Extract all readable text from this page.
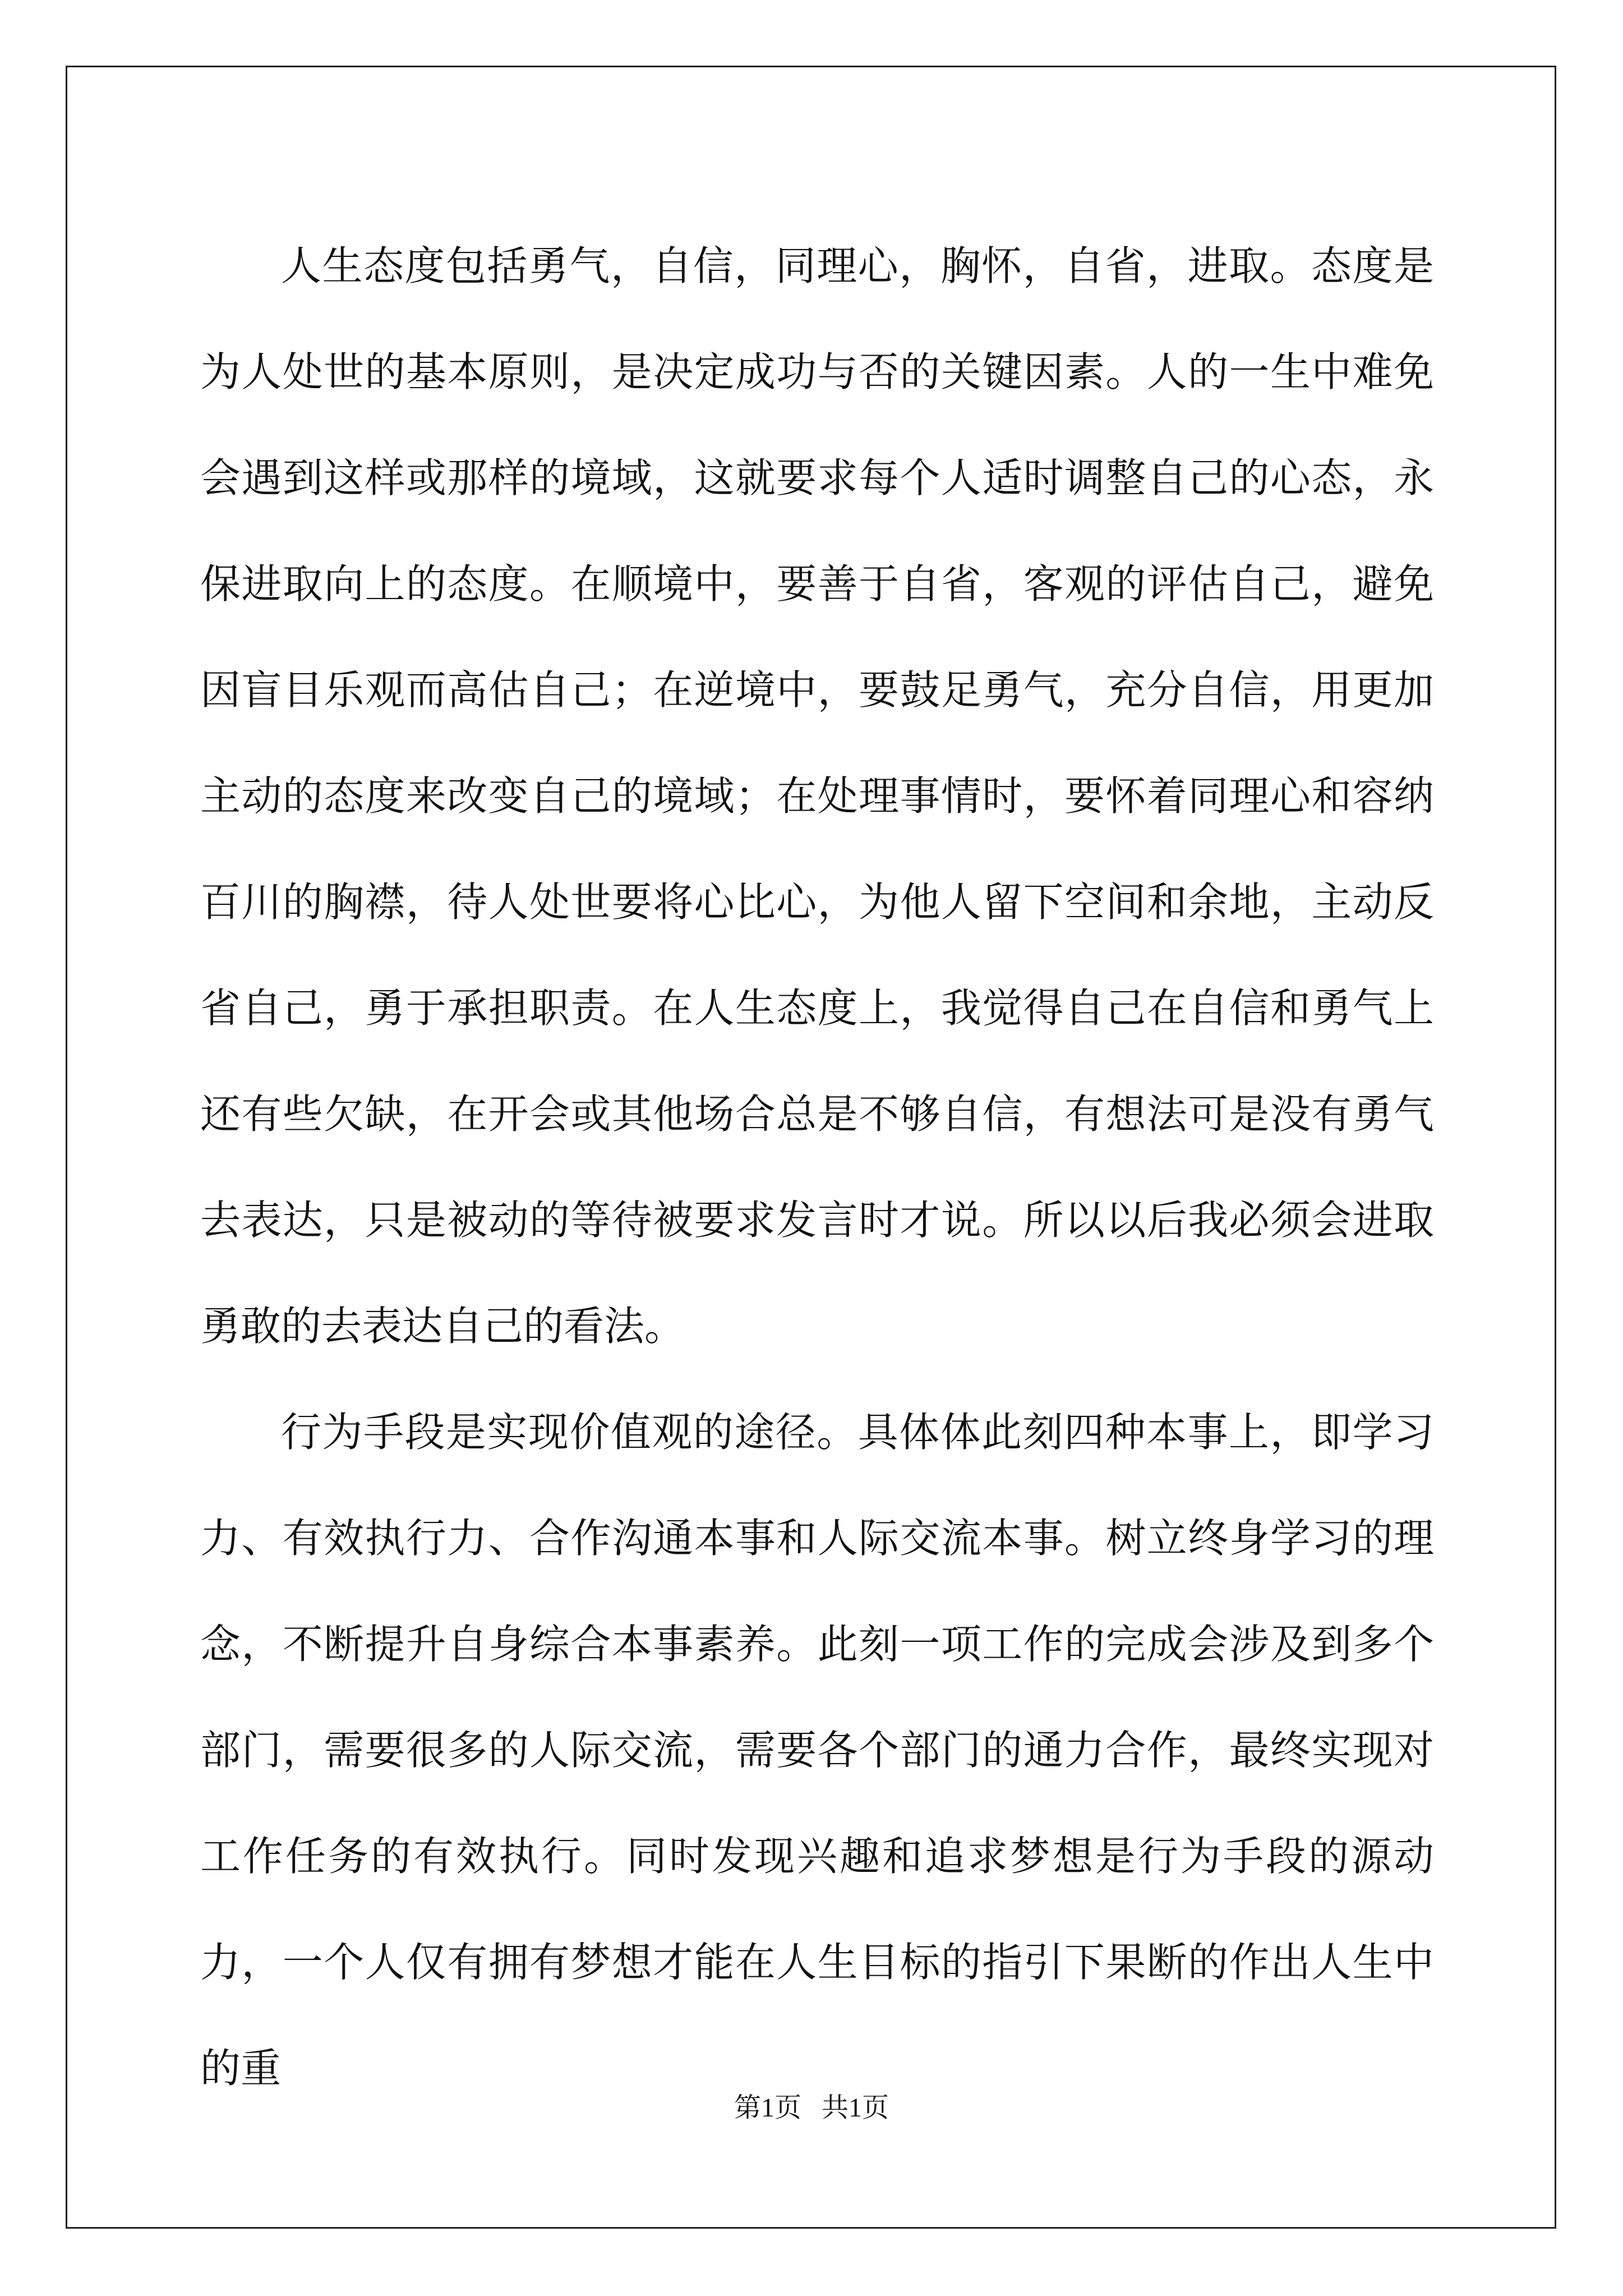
人生态度包括勇气，自信，同理心，胸怀，自省，进取。态度是为人处世的基本原则，是决定成功与否的关键因素。人的一生中难免会遇到这样或那样的境域，这就要求每个人适时调整自己的心态，永保进取向上的态度。在顺境中，要善于自省，客观的评估自己，避免因盲目乐观而高估自己；在逆境中，要鼓足勇气，充分自信，用更加主动的态度来改变自己的境域；在处理事情时，要怀着同理心和容纳百川的胸襟，待人处世要将心比心，为他人留下空间和余地，主动反省自己，勇于承担职责。在人生态度上，我觉得自己在自信和勇气上还有些欠缺，在开会或其他场合总是不够自信，有想法可是没有勇气去表达，只是被动的等待被要求发言时才说。所以以后我必须会进取勇敢的去表达自己的看法。

行为手段是实现价值观的途径。具体体此刻四种本事上，即学习力、有效执行力、合作沟通本事和人际交流本事。树立终身学习的理念，不断提升自身综合本事素养。此刻一项工作的完成会涉及到多个部门，需要很多的人际交流，需要各个部门的通力合作，最终实现对工作任务的有效执行。同时发现兴趣和追求梦想是行为手段的源动力，一个人仅有拥有梦想才能在人生目标的指引下果断的作出人生中的重

第1页   共1页
